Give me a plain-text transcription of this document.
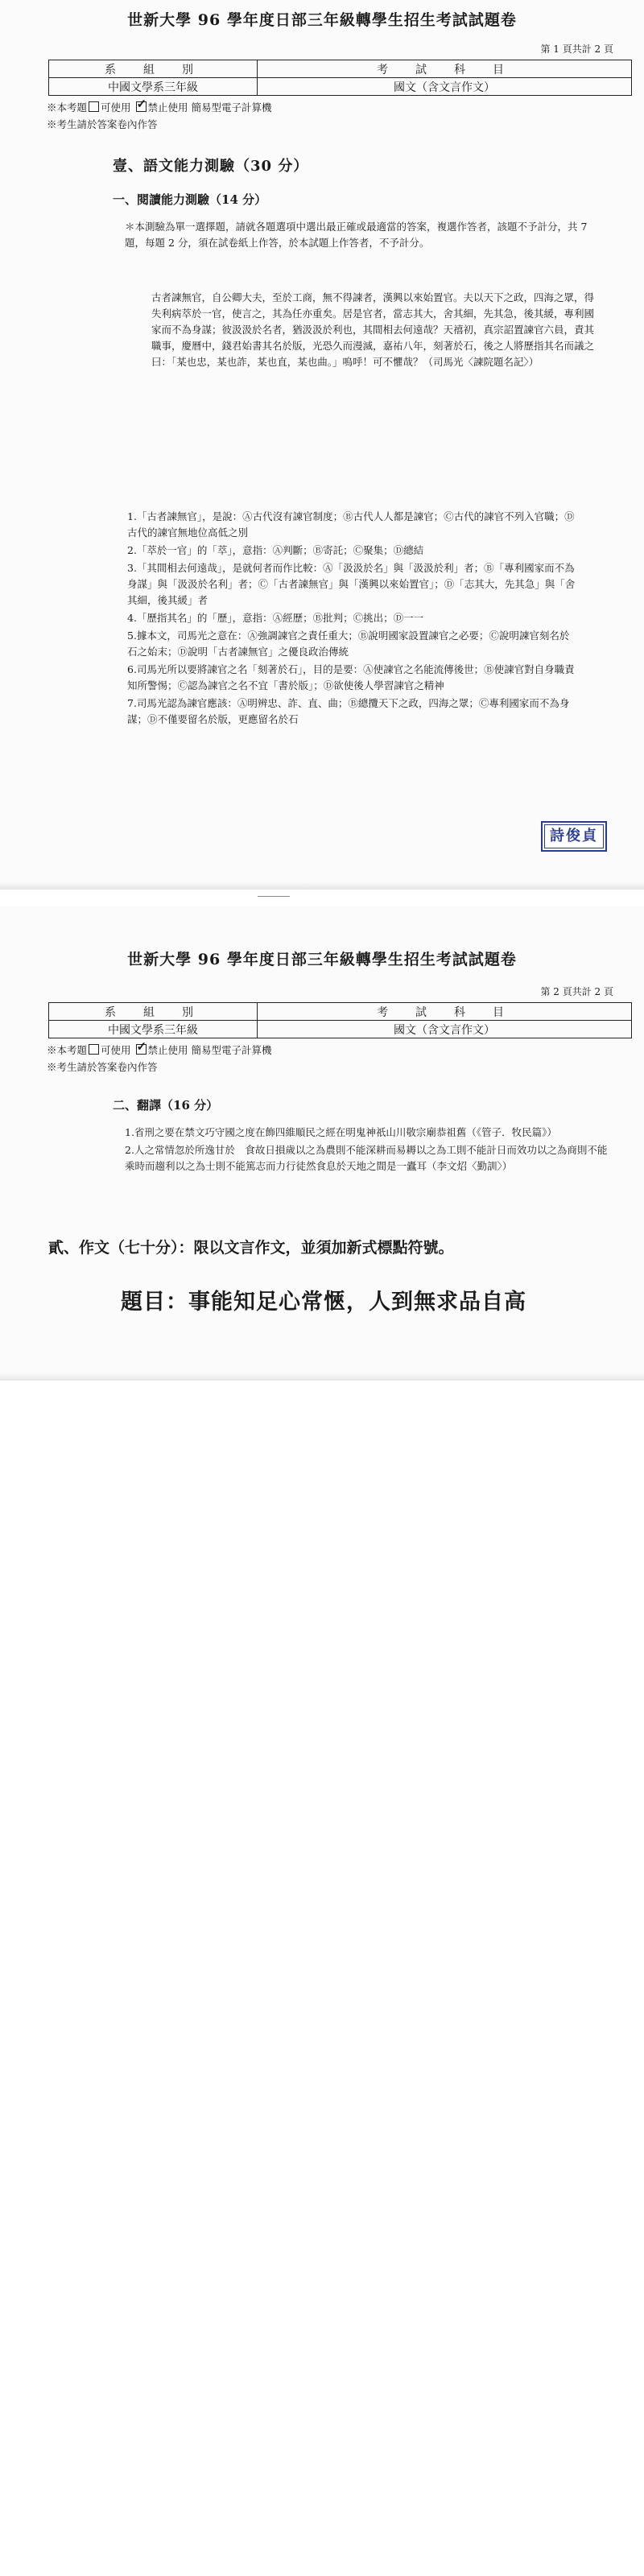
世新大學 96 學年度日部三年級轉學生招生考試試題卷
第 1 頁共計 2 頁
系　組　別	考　試　科　目
中國文學系三年級	國文（含文言作文）
※本考題 可使用 ✓ 禁止使用 簡易型電子計算機
※考生請於答案卷內作答
壹、語文能力測驗（30 分）
一、閱讀能力測驗（14 分）
＊本測驗為單一選擇題，請就各題選項中選出最正確或最適當的答案，複選作答者，該題不予計分，共 7 題，每題 2 分，須在試卷紙上作答，於本試題上作答者，不予計分。
古者諫無官，自公卿大夫，至於工商，無不得諫者，漢興以來始置官。夫以天下之政，四海之眾，得失利病萃於一官，使言之，其為任亦重矣。居是官者，當志其大，舍其細，先其急，後其緩，專利國家而不為身謀；彼汲汲於名者，猶汲汲於利也，其間相去何遠哉？天禧初，真宗詔置諫官六員，責其職事，慶曆中，錢君始書其名於版，光恐久而漫滅，嘉祐八年，刻著於石，後之人將歷指其名而議之曰：「某也忠，某也詐，某也直，某也曲。」嗚呼！可不懼哉？（司馬光〈諫院題名記〉）
1.「古者諫無官」，是說：Ⓐ古代沒有諫官制度；Ⓑ古代人人都是諫官；Ⓒ古代的諫官不列入官職；Ⓓ古代的諫官無地位高低之別
2.「萃於一官」的「萃」，意指：Ⓐ判斷；Ⓑ寄託；Ⓒ聚集；Ⓓ總結
3.「其間相去何遠哉」，是就何者而作比較：Ⓐ「汲汲於名」與「汲汲於利」者；Ⓑ「專利國家而不為身謀」與「汲汲於名利」者；Ⓒ「古者諫無官」與「漢興以來始置官」；Ⓓ「志其大，先其急」與「舍其細，後其緩」者
4.「歷指其名」的「歷」，意指：Ⓐ經歷；Ⓑ批判；Ⓒ挑出；Ⓓ一一
5.據本文，司馬光之意在：Ⓐ強調諫官之責任重大；Ⓑ說明國家設置諫官之必要；Ⓒ說明諫官刻名於石之始末；Ⓓ說明「古者諫無官」之優良政治傳統
6.司馬光所以要將諫官之名「刻著於石」，目的是要：Ⓐ使諫官之名能流傳後世；Ⓑ使諫官對自身職責知所警惕；Ⓒ認為諫官之名不宜「書於版」；Ⓓ欲使後人學習諫官之精神
7.司馬光認為諫官應該：Ⓐ明辨忠、詐、直、曲；Ⓑ總攬天下之政，四海之眾；Ⓒ專利國家而不為身謀；Ⓓ不僅要留名於版，更應留名於石
詩俊貞
世新大學 96 學年度日部三年級轉學生招生考試試題卷
第 2 頁共計 2 頁
系　組　別	考　試　科　目
中國文學系三年級	國文（含文言作文）
※本考題 可使用 ✓ 禁止使用 簡易型電子計算機
※考生請於答案卷內作答
二、翻譯（16 分）
1.省刑之要在禁文巧守國之度在飾四維順民之經在明鬼神祇山川敬宗廟恭祖舊（《管子．牧民篇》）
2.人之常情忽於所逸甘於　食故日損歲以之為農則不能深耕而易耨以之為工則不能計日而效功以之為商則不能乘時而趨利以之為士則不能篤志而力行徒然食息於天地之間是一蠹耳（李文炤〈勤訓〉）
貳、作文（七十分）：限以文言作文，並須加新式標點符號。
題目：事能知足心常愜，人到無求品自高
